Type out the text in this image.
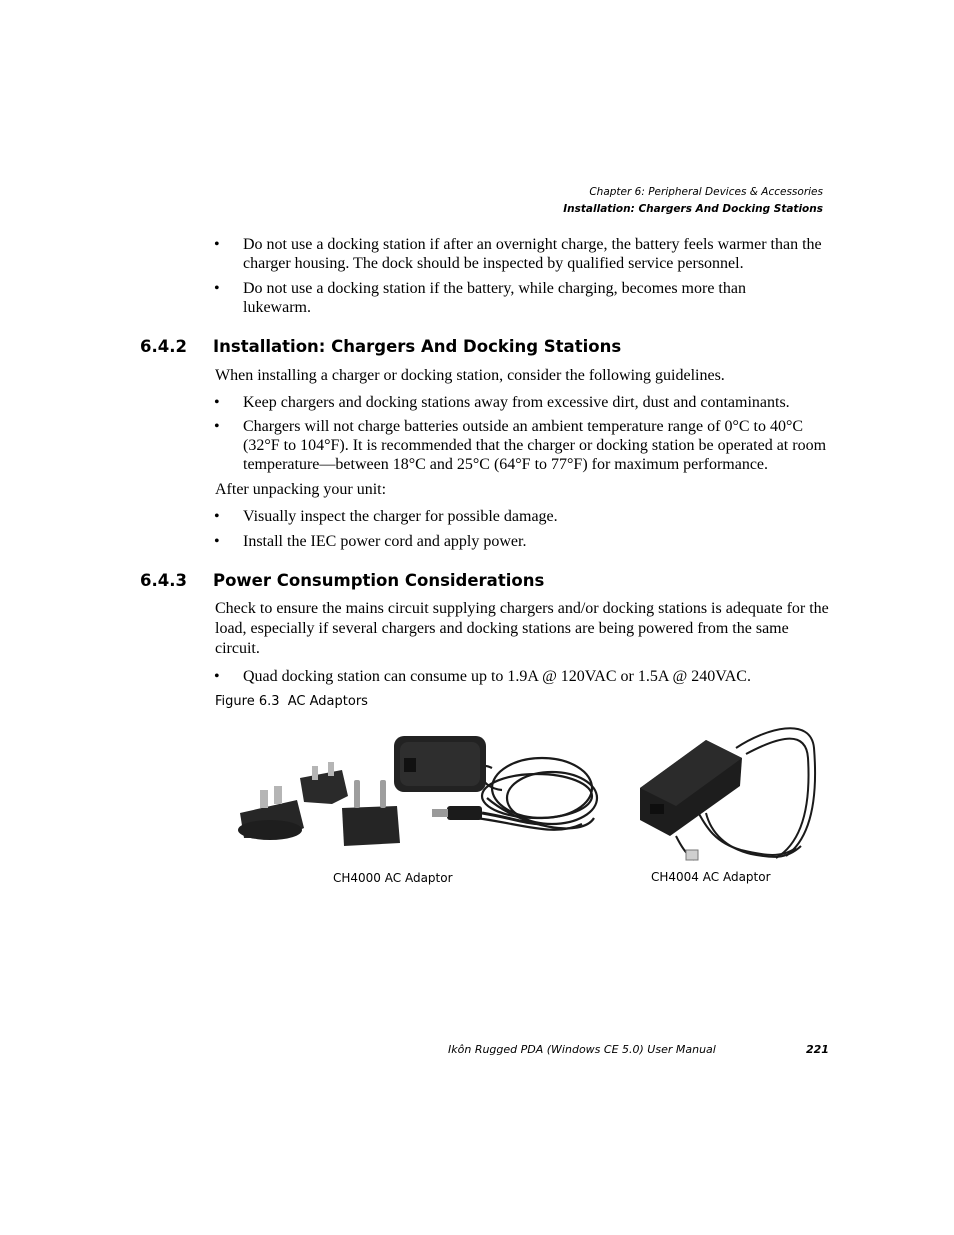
Chapter 6: Peripheral Devices & Accessories
Installation: Chargers And Docking Stations
• Do not use a docking station if after an overnight charge, the battery feels warmer than the charger housing. The dock should be inspected by qualified service personnel.
• Do not use a docking station if the battery, while charging, becomes more than lukewarm.
6.4.2 Installation: Chargers And Docking Stations
When installing a charger or docking station, consider the following guidelines.
• Keep chargers and docking stations away from excessive dirt, dust and contaminants.
• Chargers will not charge batteries outside an ambient temperature range of 0°C to 40°C (32°F to 104°F). It is recommended that the charger or docking station be operated at room temperature—between 18°C and 25°C (64°F to 77°F) for maximum performance.
After unpacking your unit:
• Visually inspect the charger for possible damage.
• Install the IEC power cord and apply power.
6.4.3 Power Consumption Considerations
Check to ensure the mains circuit supplying chargers and/or docking stations is adequate for the load, especially if several chargers and docking stations are being powered from the same circuit.
• Quad docking station can consume up to 1.9A @ 120VAC or 1.5A @ 240VAC.
Figure 6.3 AC Adaptors
CH4000 AC Adaptor	CH4004 AC Adaptor
Ikôn Rugged PDA (Windows CE 5.0) User Manual	221
